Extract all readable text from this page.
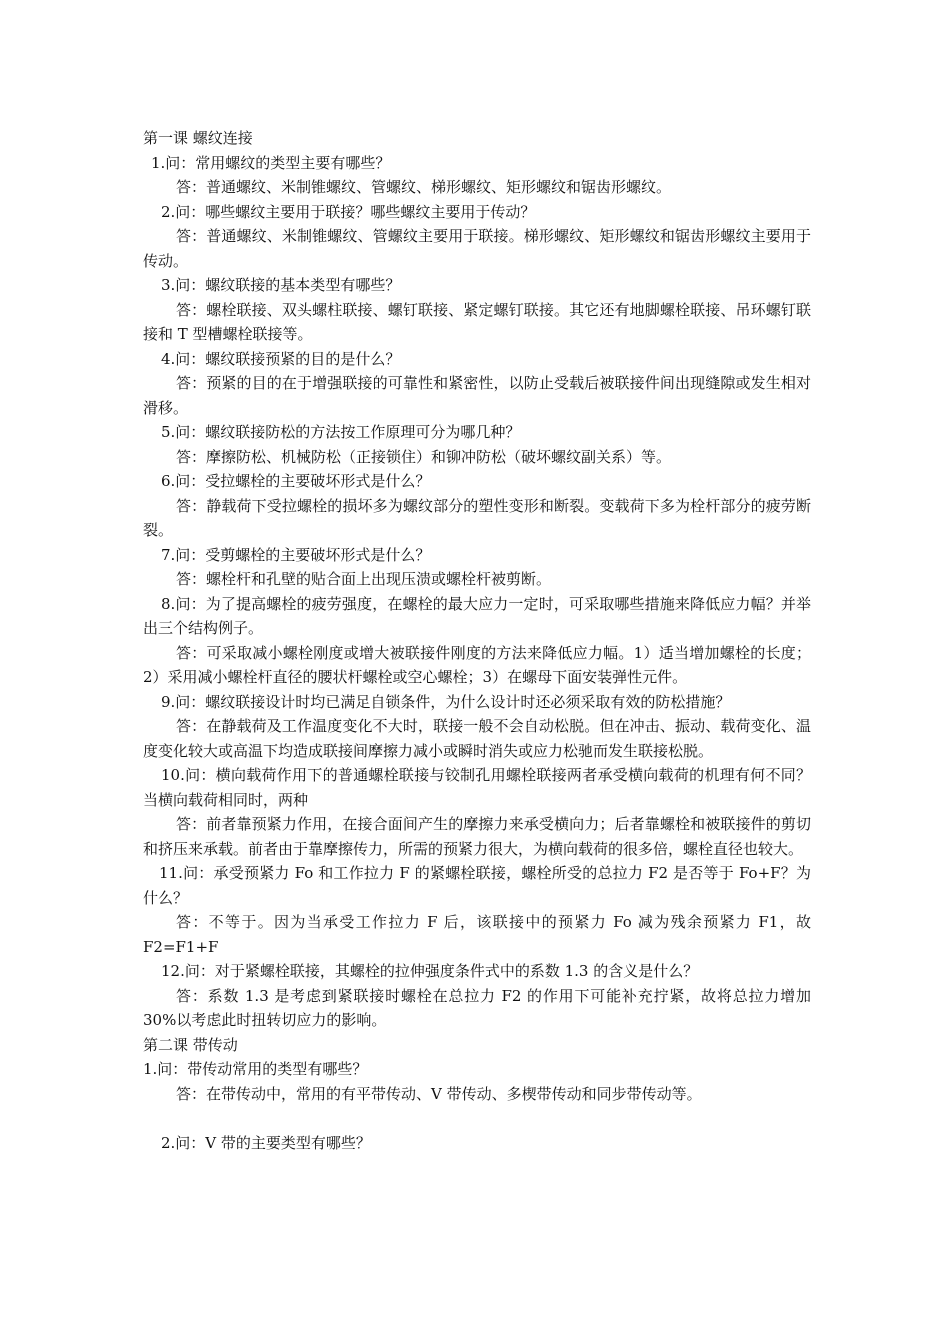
第一课 螺纹连接

1.问：常用螺纹的类型主要有哪些？

答：普通螺纹、米制锥螺纹、管螺纹、梯形螺纹、矩形螺纹和锯齿形螺纹。

2.问：哪些螺纹主要用于联接？哪些螺纹主要用于传动？

答：普通螺纹、米制锥螺纹、管螺纹主要用于联接。梯形螺纹、矩形螺纹和锯齿形螺纹主要用于传动。

3.问：螺纹联接的基本类型有哪些？

答：螺栓联接、双头螺柱联接、螺钉联接、紧定螺钉联接。其它还有地脚螺栓联接、吊环螺钉联接和 T 型槽螺栓联接等。

4.问：螺纹联接预紧的目的是什么？

答：预紧的目的在于增强联接的可靠性和紧密性，以防止受载后被联接件间出现缝隙或发生相对滑移。

5.问：螺纹联接防松的方法按工作原理可分为哪几种？

答：摩擦防松、机械防松（正接锁住）和铆冲防松（破坏螺纹副关系）等。

6.问：受拉螺栓的主要破坏形式是什么？

答：静载荷下受拉螺栓的损坏多为螺纹部分的塑性变形和断裂。变载荷下多为栓杆部分的疲劳断裂。

7.问：受剪螺栓的主要破坏形式是什么？

答：螺栓杆和孔壁的贴合面上出现压溃或螺栓杆被剪断。

8.问：为了提高螺栓的疲劳强度，在螺栓的最大应力一定时，可采取哪些措施来降低应力幅？并举出三个结构例子。

答：可采取减小螺栓刚度或增大被联接件刚度的方法来降低应力幅。1）适当增加螺栓的长度；2）采用减小螺栓杆直径的腰状杆螺栓或空心螺栓；3）在螺母下面安装弹性元件。

9.问：螺纹联接设计时均已满足自锁条件，为什么设计时还必须采取有效的防松措施？

答：在静载荷及工作温度变化不大时，联接一般不会自动松脱。但在冲击、振动、载荷变化、温度变化较大或高温下均造成联接间摩擦力减小或瞬时消失或应力松驰而发生联接松脱。

10.问：横向载荷作用下的普通螺栓联接与铰制孔用螺栓联接两者承受横向载荷的机理有何不同？当横向载荷相同时，两种

答：前者靠预紧力作用，在接合面间产生的摩擦力来承受横向力；后者靠螺栓和被联接件的剪切和挤压来承载。前者由于靠摩擦传力，所需的预紧力很大，为横向载荷的很多倍，螺栓直径也较大。

11.问：承受预紧力 Fo 和工作拉力 F 的紧螺栓联接，螺栓所受的总拉力 F2 是否等于 Fo+F？为什么？

答：不等于。因为当承受工作拉力 F 后，该联接中的预紧力 Fo 减为残余预紧力 F1，故 F2=F1+F

12.问：对于紧螺栓联接，其螺栓的拉伸强度条件式中的系数 1.3 的含义是什么？

答：系数 1.3 是考虑到紧联接时螺栓在总拉力 F2 的作用下可能补充拧紧，故将总拉力增加 30%以考虑此时扭转切应力的影响。

第二课 带传动

1.问：带传动常用的类型有哪些？

答：在带传动中，常用的有平带传动、V 带传动、多楔带传动和同步带传动等。

2.问：V 带的主要类型有哪些？
